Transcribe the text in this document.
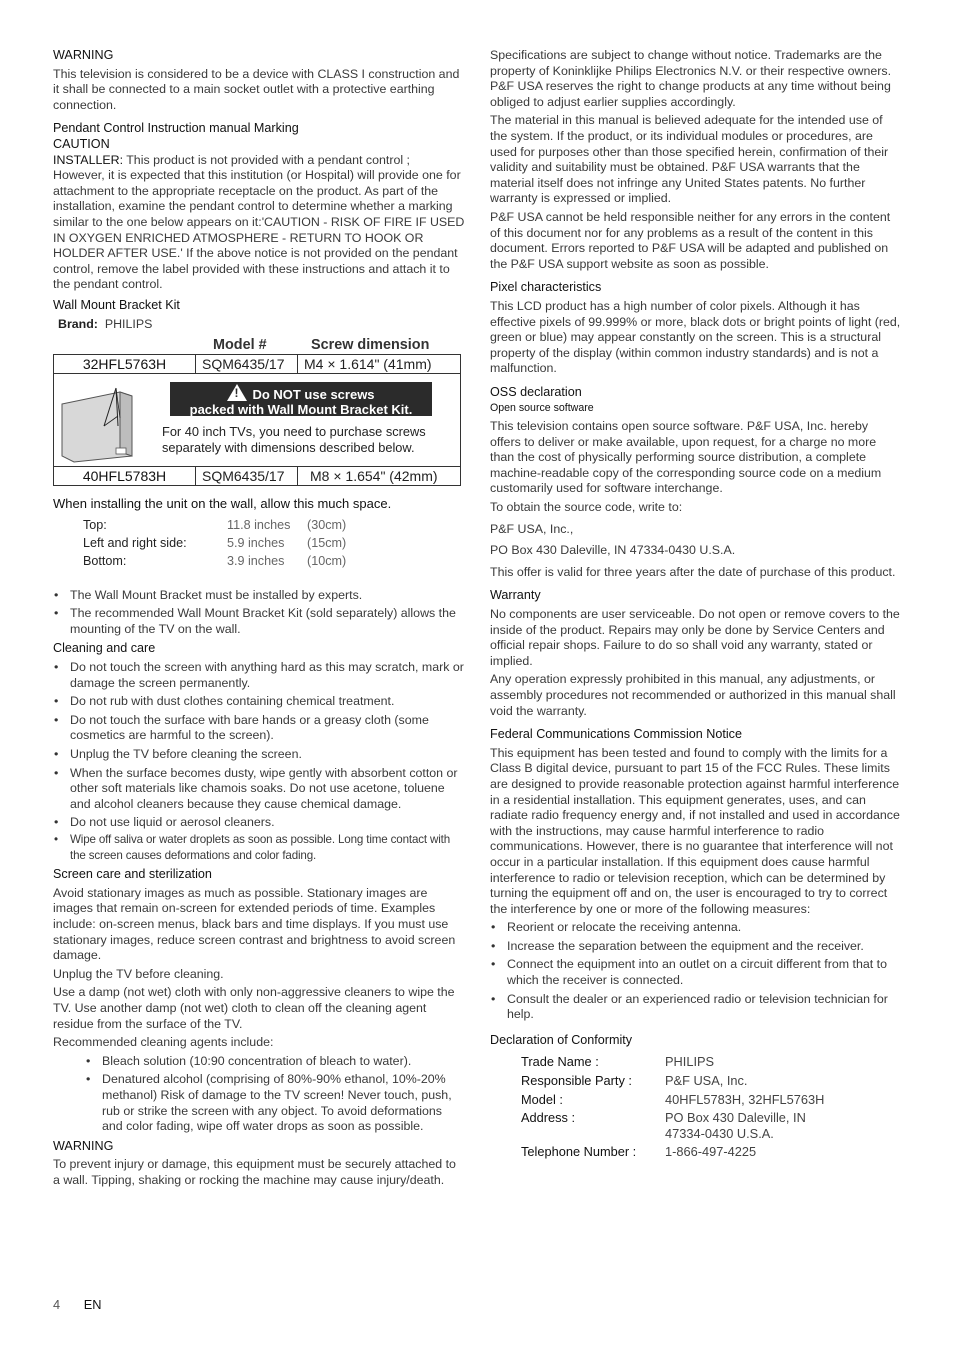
WARNING

This television is considered to be a device with CLASS I construction and it shall be connected to a main socket outlet with a protective earthing connection.

Pendant Control Instruction manual Marking

CAUTION

INSTALLER: This product is not provided with a pendant control ; However, it is expected that this institution (or Hospital) will provide one for attachment to the appropriate receptacle on the product. As part of the installation, examine the pendant control to determine whether a marking similar to the one below appears on it:'CAUTION - RISK OF FIRE IF USED IN OXYGEN ENRICHED ATMOSPHERE - RETURN TO HOOK OR HOLDER AFTER USE.' If the above notice is not provided on the pendant control, remove the label provided with these instructions and attach it to the pendant control.

Wall Mount Bracket Kit

Brand: PHILIPS

Model #	Screw dimension
32HFL5763H	SQM6435/17	M4 × 1.614" (41mm)
!Do NOT use screws
packed with Wall Mount Bracket Kit.
For 40 inch TVs, you need to purchase screws
separately with dimensions described below.
40HFL5783H	SQM6435/17	M8 × 1.654" (42mm)

When installing the unit on the wall, allow this much space.

Top:	11.8 inches	(30cm)
Left and right side:	5.9 inches	(15cm)
Bottom:	3.9 inches	(10cm)
• The Wall Mount Bracket must be installed by experts.
• The recommended Wall Mount Bracket Kit (sold separately) allows the mounting of the TV on the wall.

Cleaning and care

• Do not touch the screen with anything hard as this may scratch, mark or damage the screen permanently.
• Do not rub with dust clothes containing chemical treatment.
• Do not touch the surface with bare hands or a greasy cloth (some cosmetics are harmful to the screen).
• Unplug the TV before cleaning the screen.
• When the surface becomes dusty, wipe gently with absorbent cotton or other soft materials like chamois soaks. Do not use acetone, toluene and alcohol cleaners because they cause chemical damage.
• Do not use liquid or aerosol cleaners.
• Wipe off saliva or water droplets as soon as possible. Long time contact with the screen causes deformations and color fading.

Screen care and sterilization

Avoid stationary images as much as possible. Stationary images are images that remain on-screen for extended periods of time. Examples include: on-screen menus, black bars and time displays. If you must use stationary images, reduce screen contrast and brightness to avoid screen damage.

Unplug the TV before cleaning.

Use a damp (not wet) cloth with only non-aggressive cleaners to wipe the TV. Use another damp (not wet) cloth to clean off the cleaning agent residue from the surface of the TV.

Recommended cleaning agents include:

• Bleach solution (10:90 concentration of bleach to water).
• Denatured alcohol (comprising of 80%-90% ethanol, 10%-20% methanol) Risk of damage to the TV screen! Never touch, push, rub or strike the screen with any object. To avoid deformations and color fading, wipe off water drops as soon as possible.

WARNING

To prevent injury or damage, this equipment must be securely attached to a wall. Tipping, shaking or rocking the machine may cause injury/death.

Specifications are subject to change without notice. Trademarks are the property of Koninklijke Philips Electronics N.V. or their respective owners. P&F USA reserves the right to change products at any time without being obliged to adjust earlier supplies accordingly.

The material in this manual is believed adequate for the intended use of the system. If the product, or its individual modules or procedures, are used for purposes other than those specified herein, confirmation of their validity and suitability must be obtained. P&F USA warrants that the material itself does not infringe any United States patents. No further warranty is expressed or implied.

P&F USA cannot be held responsible neither for any errors in the content of this document nor for any problems as a result of the content in this document. Errors reported to P&F USA will be adapted and published on the P&F USA support website as soon as possible.

Pixel characteristics

This LCD product has a high number of color pixels. Although it has effective pixels of 99.999% or more, black dots or bright points of light (red, green or blue) may appear constantly on the screen. This is a structural property of the display (within common industry standards) and is not a malfunction.

OSS declaration

Open source software

This television contains open source software. P&F USA, Inc. hereby offers to deliver or make available, upon request, for a charge no more than the cost of physically performing source distribution, a complete machine-readable copy of the corresponding source code on a medium customarily used for software interchange.

To obtain the source code, write to:

P&F USA, Inc.,

PO Box 430 Daleville, IN 47334-0430 U.S.A.

This offer is valid for three years after the date of purchase of this product.

Warranty

No components are user serviceable. Do not open or remove covers to the inside of the product. Repairs may only be done by Service Centers and official repair shops. Failure to do so shall void any warranty, stated or implied.

Any operation expressly prohibited in this manual, any adjustments, or assembly procedures not recommended or authorized in this manual shall void the warranty.

Federal Communications Commission Notice

This equipment has been tested and found to comply with the limits for a Class B digital device, pursuant to part 15 of the FCC Rules. These limits are designed to provide reasonable protection against harmful interference in a residential installation. This equipment generates, uses, and can radiate radio frequency energy and, if not installed and used in accordance with the instructions, may cause harmful interference to radio communications. However, there is no guarantee that interference will not occur in a particular installation. If this equipment does cause harmful interference to radio or television reception, which can be determined by turning the equipment off and on, the user is encouraged to try to correct the interference by one or more of the following measures:

• Reorient or relocate the receiving antenna.
• Increase the separation between the equipment and the receiver.
• Connect the equipment into an outlet on a circuit different from that to which the receiver is connected.
• Consult the dealer or an experienced radio or television technician for help.

Declaration of Conformity

Trade Name :	PHILIPS
Responsible Party :	P&F USA, Inc.
Model :	40HFL5783H, 32HFL5763H
Address :	PO Box 430 Daleville, IN 47334-0430 U.S.A.
Telephone Number :	1-866-497-4225
4 EN
